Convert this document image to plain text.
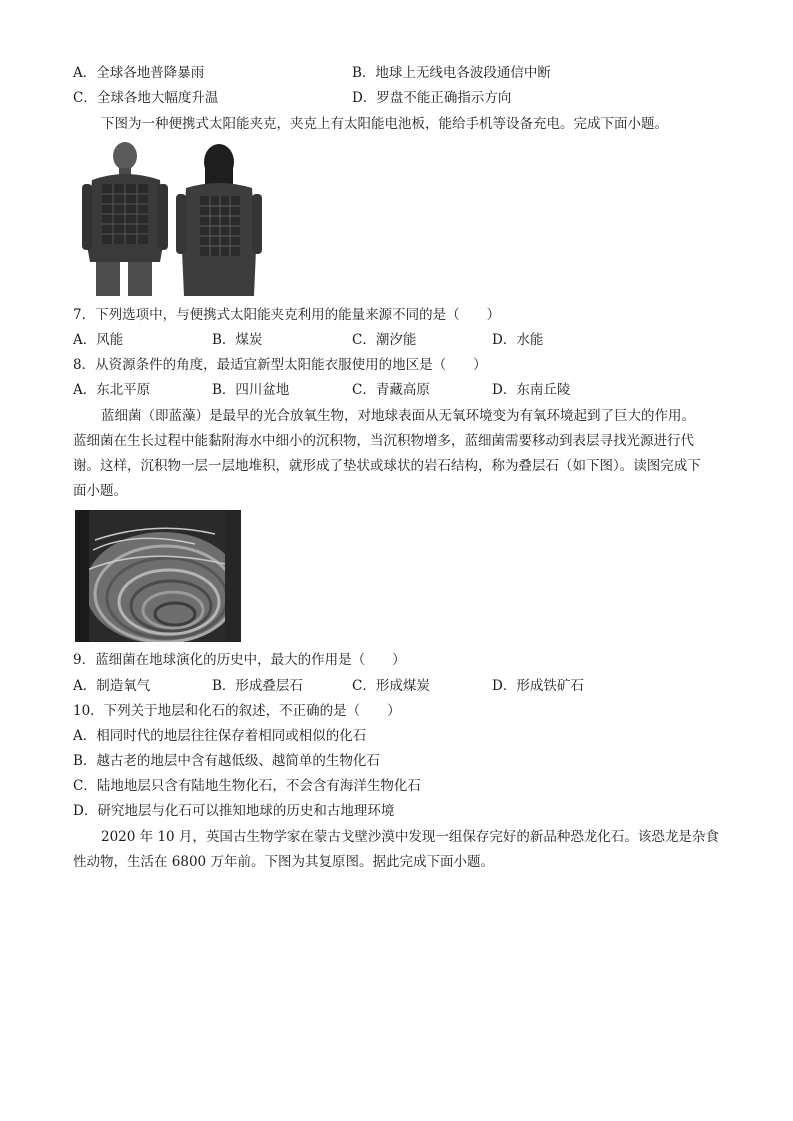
A．全球各地普降暴雨	B．地球上无线电各波段通信中断
C．全球各地大幅度升温	D．罗盘不能正确指示方向
下图为一种便携式太阳能夹克，夹克上有太阳能电池板，能给手机等设备充电。完成下面小题。
7．下列选项中，与便携式太阳能夹克利用的能量来源不同的是（　　）
A．风能	B．煤炭	C．潮汐能	D．水能
8．从资源条件的角度，最适宜新型太阳能衣服使用的地区是（　　）
A．东北平原	B．四川盆地	C．青藏高原	D．东南丘陵
蓝细菌（即蓝藻）是最早的光合放氧生物，对地球表面从无氧环境变为有氧环境起到了巨大的作用。
蓝细菌在生长过程中能黏附海水中细小的沉积物，当沉积物增多，蓝细菌需要移动到表层寻找光源进行代
谢。这样，沉积物一层一层地堆积，就形成了垫状或球状的岩石结构，称为叠层石（如下图）。读图完成下
面小题。
9．蓝细菌在地球演化的历史中，最大的作用是（　　）
A．制造氧气	B．形成叠层石	C．形成煤炭	D．形成铁矿石
10．下列关于地层和化石的叙述，不正确的是（　　）
A．相同时代的地层往往保存着相同或相似的化石
B．越古老的地层中含有越低级、越简单的生物化石
C．陆地地层只含有陆地生物化石，不会含有海洋生物化石
D．研究地层与化石可以推知地球的历史和古地理环境
2020 年 10 月，英国古生物学家在蒙古戈壁沙漠中发现一组保存完好的新品种恐龙化石。该恐龙是杂食
性动物，生活在 6800 万年前。下图为其复原图。据此完成下面小题。
